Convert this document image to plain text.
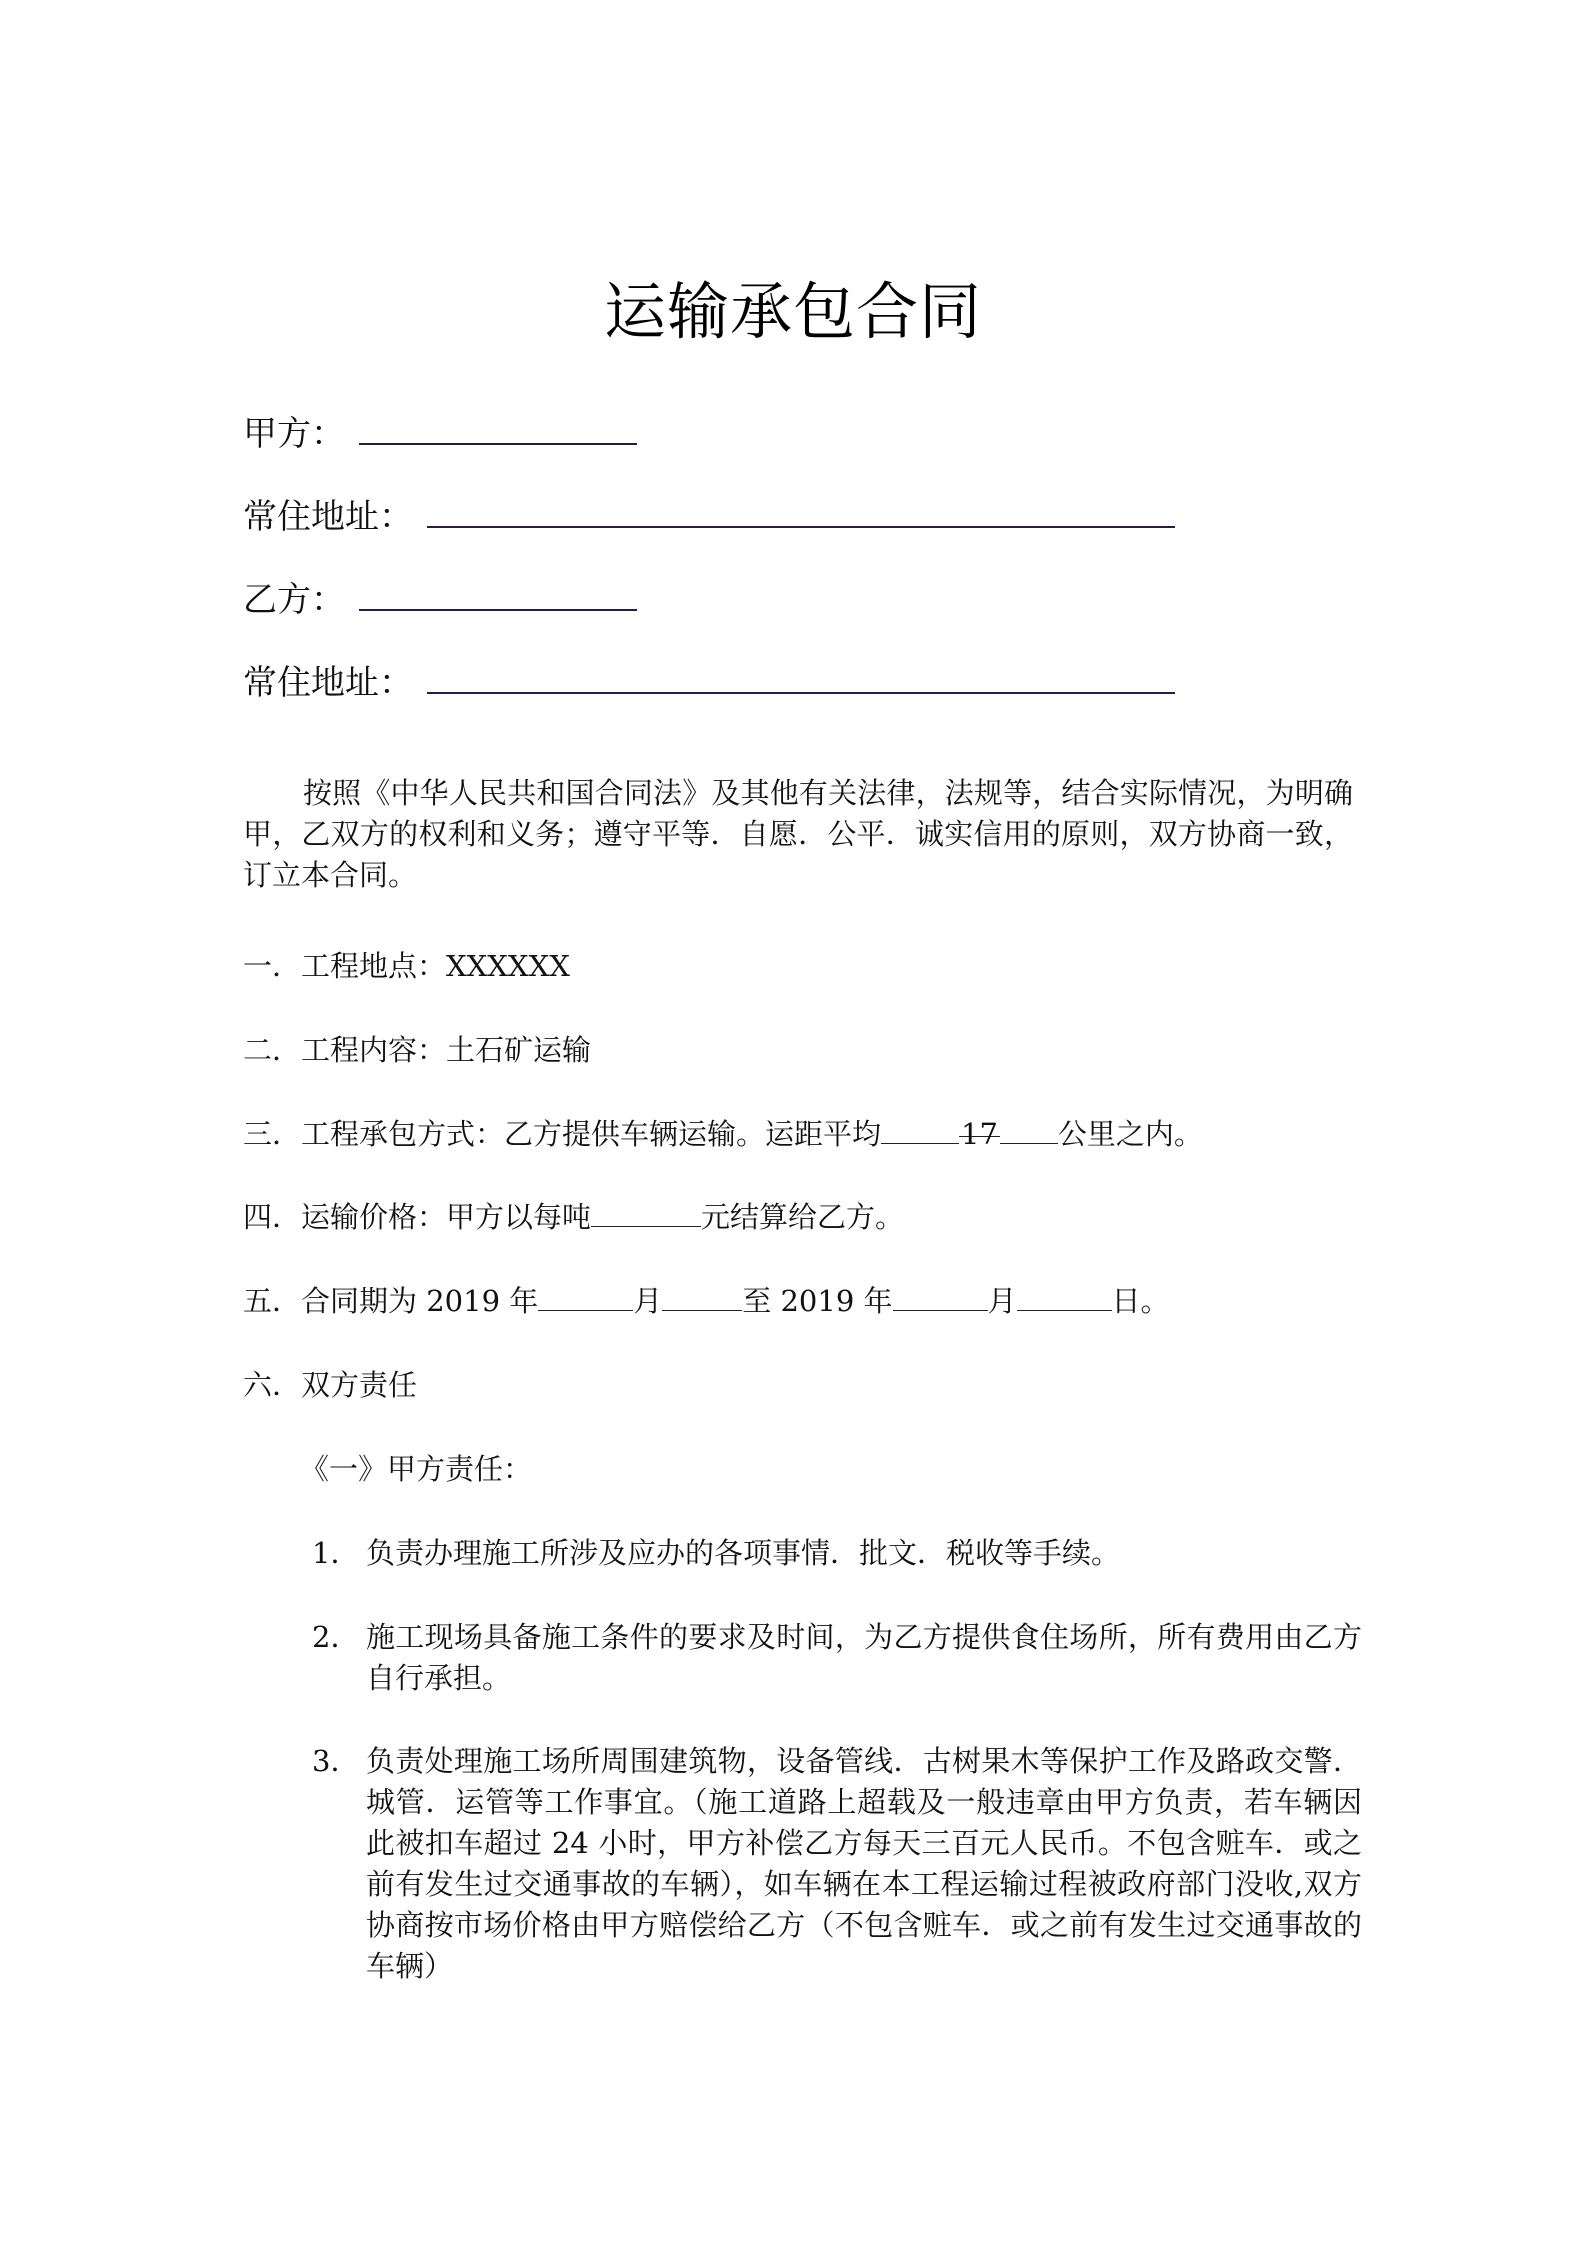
运输承包合同
甲方：
常住地址：
乙方：
常住地址：
按照《中华人民共和国合同法》及其他有关法律，法规等，结合实际情况，为明确甲，乙双方的权利和义务；遵守平等．自愿．公平．诚实信用的原则，双方协商一致，订立本合同。
一．工程地点：XXXXXX
二．工程内容：土石矿运输
三．工程承包方式：乙方提供车辆运输。运距平均	17 公里之内。
四．运输价格：甲方以每吨	元结算给乙方。
五．合同期为 2019 年	月	至 2019 年	月	日。
六．双方责任
《一》甲方责任：
1． 负责办理施工所涉及应办的各项事情．批文．税收等手续。
2． 施工现场具备施工条件的要求及时间，为乙方提供食住场所，所有费用由乙方自行承担。
3． 负责处理施工场所周围建筑物，设备管线．古树果木等保护工作及路政交警．城管．运管等工作事宜。（施工道路上超载及一般违章由甲方负责，若车辆因此被扣车超过 24 小时，甲方补偿乙方每天三百元人民币。不包含赃车．或之前有发生过交通事故的车辆），如车辆在本工程运输过程被政府部门没收,双方协商按市场价格由甲方赔偿给乙方（不包含赃车．或之前有发生过交通事故的车辆）
